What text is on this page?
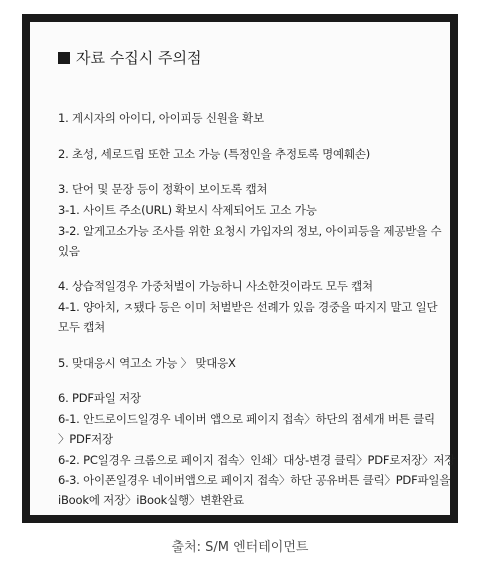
자료 수집시 주의점
1. 게시자의 아이디, 아이피등 신원을 확보
2. 초성, 세로드립 또한 고소 가능 (특정인을 추정토록 명예훼손)
3. 단어 및 문장 등이 정확이 보이도록 캡쳐
3-1. 사이트 주소(URL) 확보시 삭제되어도 고소 가능
3-2. 알게고소가능 조사를 위한 요청시 가입자의 정보, 아이피등을 제공받을 수
있음
4. 상습적일경우 가중처벌이 가능하니 사소한것이라도 모두 캡쳐
4-1. 양아치, ㅈ됐다 등은 이미 처벌받은 선례가 있음 경중을 따지지 말고 일단
모두 캡쳐
5. 맞대응시 역고소 가능 〉 맞대응X
6. PDF파일 저장
6-1. 안드로이드일경우 네이버 앱으로 페이지 접속〉하단의 점세개 버튼 클릭
〉PDF저장
6-2. PC일경우 크롬으로 페이지 접속〉인쇄〉대상-변경 클릭〉PDF로저장〉저장
6-3. 아이폰일경우 네이버앱으로 페이지 접속〉하단 공유버튼 클릭〉PDF파일을
iBook에 저장〉iBook실행〉변환완료
출처: S/M 엔터테이먼트
